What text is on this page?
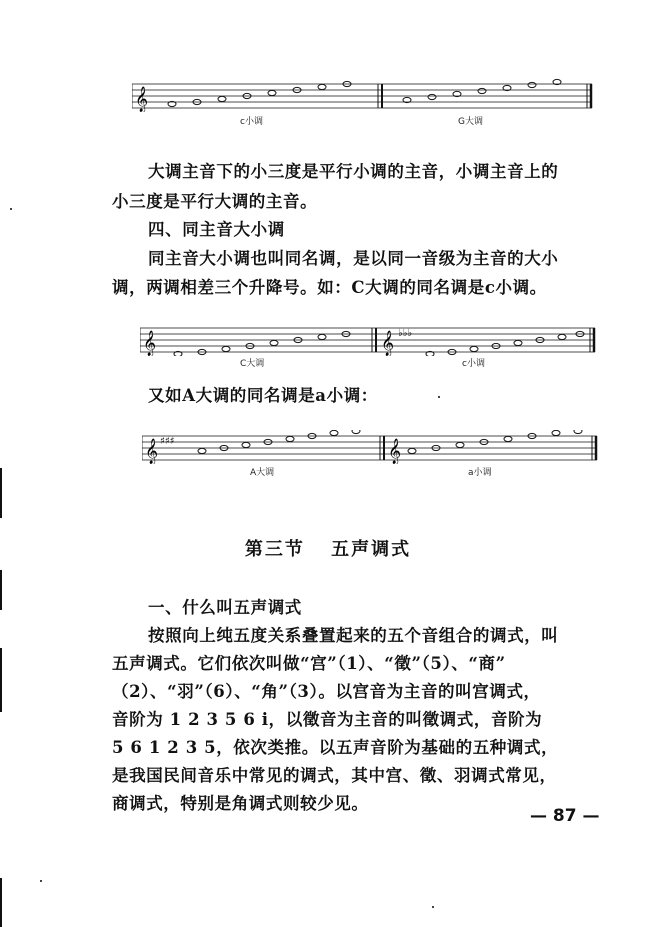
𝄞
c小调	G大调
大调主音下的小三度是平行小调的主音，小调主音上的
小三度是平行大调的主音。
四、同主音大小调
同主音大小调也叫同名调，是以同一音级为主音的大小
调，两调相差三个升降号。如：C大调的同名调是c小调。
𝄞	𝄞 ♭♭♭
C大调	c小调
又如A大调的同名调是a小调：
𝄞 ♯♯♯	𝄞
A大调	a小调
第三节 五声调式
一、什么叫五声调式
按照向上纯五度关系叠置起来的五个音组合的调式，叫
五声调式。它们依次叫做“宫”（1）、“徵”（5）、“商”
（2）、“羽”（6）、“角”（3）。以宫音为主音的叫宫调式，
音阶为 1 2 3 5 6 i，以徵音为主音的叫徵调式，音阶为
5 6 1 2 3 5，依次类推。以五声音阶为基础的五种调式，
是我国民间音乐中常见的调式，其中宫、徵、羽调式常见，
商调式，特别是角调式则较少见。
— 87 —
